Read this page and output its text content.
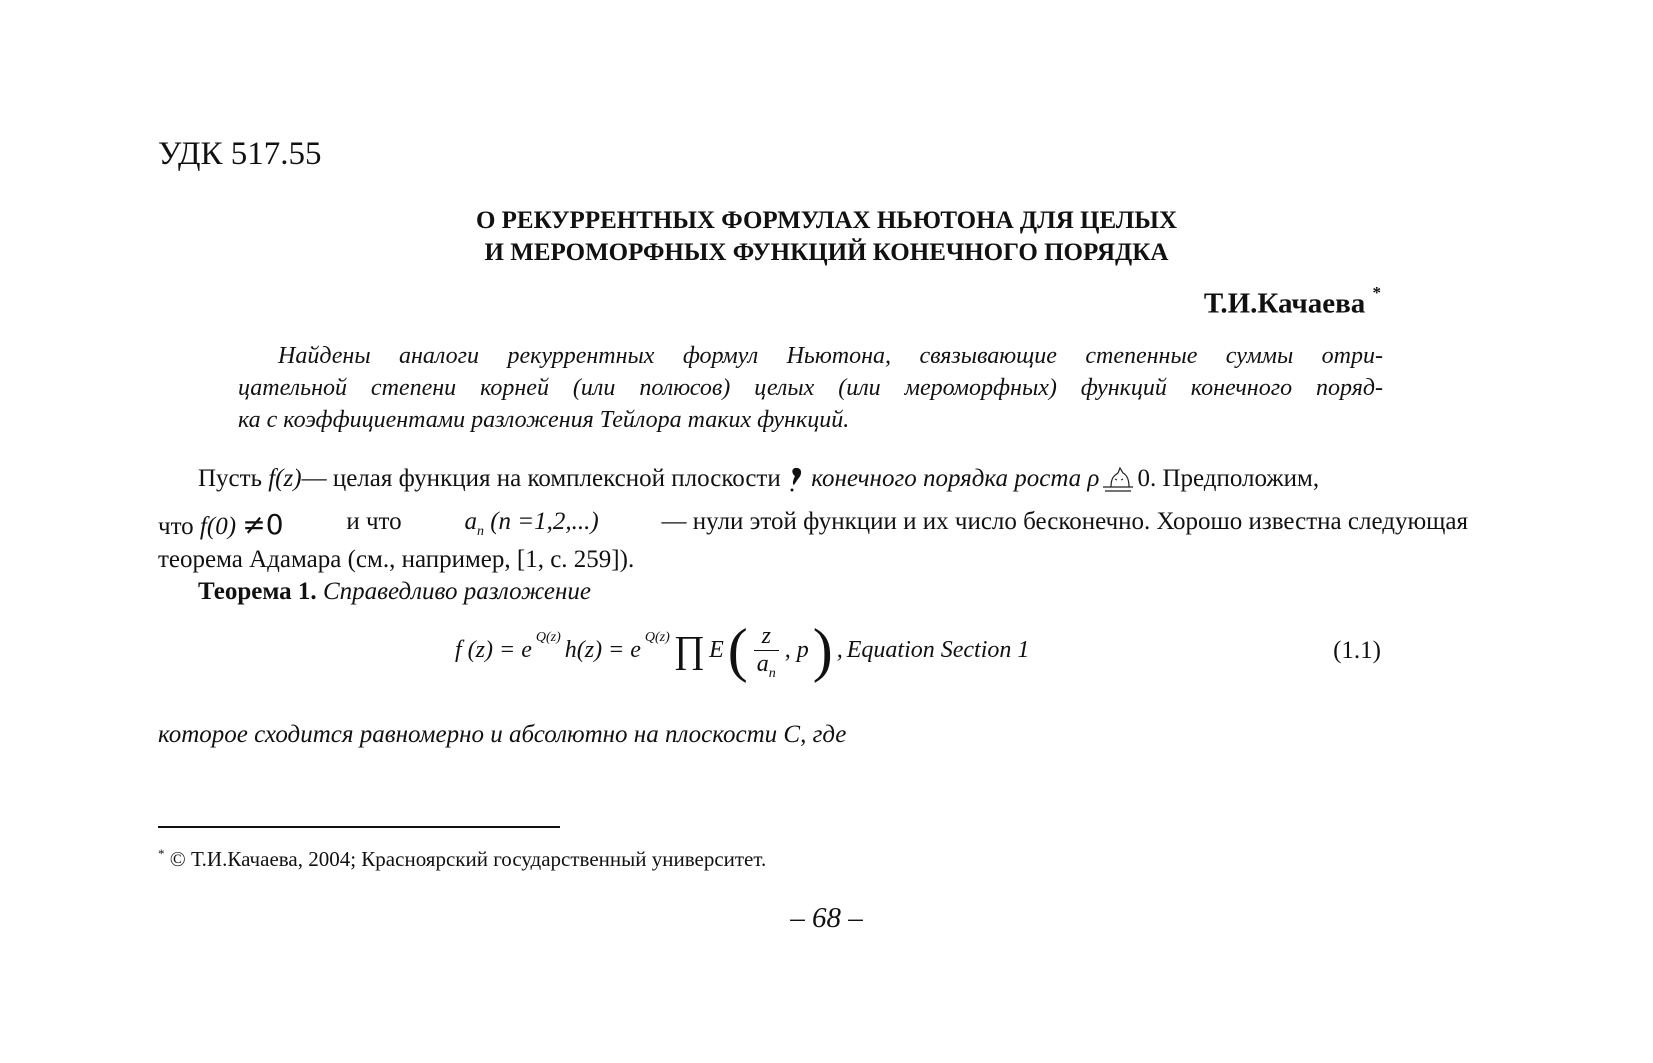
УДК 517.55
О РЕКУРРЕНТНЫХ ФОРМУЛАХ НЬЮТОНА ДЛЯ ЦЕЛЫХ
И МЕРОМОРФНЫХ ФУНКЦИЙ КОНЕЧНОГО ПОРЯДКА
Т.И.Качаева *
Найдены аналоги рекуррентных формул Ньютона, связывающие степенные суммы отри-
цательной степени корней (или полюсов) целых (или мероморфных) функций конечного поряд-
ка с коэффициентами разложения Тейлора таких функций.
Пусть f(z)— целая функция на комплексной плоскости конечного порядка роста ρ 0. Предположим,
что f(0) ≠0	и что	$a_n$ (n =1,2,...)	— нули этой функции и их число бесконечно. Хорошо известна следующая
теорема Адамара (см., например, [1, с. 259]).
Теорема 1. Справедливо разложение
f (z) = e Q(z) h(z) = e Q(z) ∏ E ( $\frac{z}{a_n}$ , p ) , Equation Section 1	(1.1)
которое сходится равномерно и абсолютно на плоскости С, где
* © Т.И.Качаева, 2004; Красноярский государственный университет.
– 68 –
